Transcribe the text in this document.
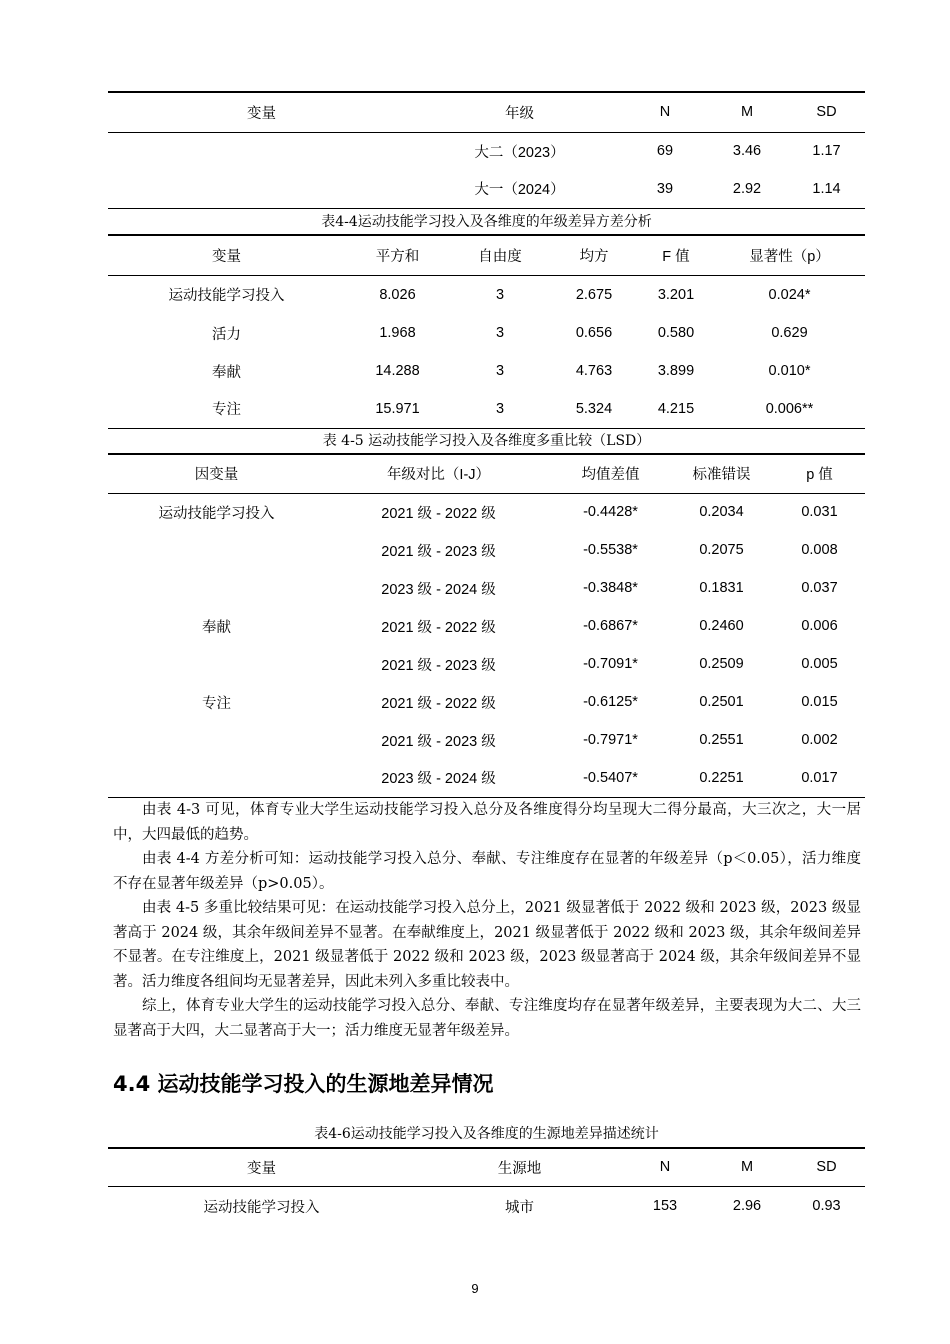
变量	年级	N	M	SD
	大二（2023）	69	3.46	1.17
	大一（2024）	39	2.92	1.14
表4-4运动技能学习投入及各维度的年级差异方差分析
变量	平方和	自由度	均方	F 值	显著性（p）
运动技能学习投入	8.026	3	2.675	3.201	0.024*
活力	1.968	3	0.656	0.580	0.629
奉献	14.288	3	4.763	3.899	0.010*
专注	15.971	3	5.324	4.215	0.006**
表 4-5 运动技能学习投入及各维度多重比较（LSD）
因变量	年级对比（I-J）	均值差值	标准错误	p 值
运动技能学习投入	2021 级 - 2022 级	-0.4428*	0.2034	0.031
	2021 级 - 2023 级	-0.5538*	0.2075	0.008
	2023 级 - 2024 级	-0.3848*	0.1831	0.037
奉献	2021 级 - 2022 级	-0.6867*	0.2460	0.006
	2021 级 - 2023 级	-0.7091*	0.2509	0.005
专注	2021 级 - 2022 级	-0.6125*	0.2501	0.015
	2021 级 - 2023 级	-0.7971*	0.2551	0.002
	2023 级 - 2024 级	-0.5407*	0.2251	0.017

由表 4-3 可见，体育专业大学生运动技能学习投入总分及各维度得分均呈现大二得分最高，大三次之，大一居中，大四最低的趋势。

由表 4-4 方差分析可知：运动技能学习投入总分、奉献、专注维度存在显著的年级差异（p＜0.05），活力维度不存在显著年级差异（p>0.05）。

由表 4-5 多重比较结果可见：在运动技能学习投入总分上，2021 级显著低于 2022 级和 2023 级，2023 级显著高于 2024 级，其余年级间差异不显著。在奉献维度上，2021 级显著低于 2022 级和 2023 级，其余年级间差异不显著。在专注维度上，2021 级显著低于 2022 级和 2023 级，2023 级显著高于 2024 级，其余年级间差异不显著。活力维度各组间均无显著差异，因此未列入多重比较表中。

综上，体育专业大学生的运动技能学习投入总分、奉献、专注维度均存在显著年级差异，主要表现为大二、大三显著高于大四，大二显著高于大一；活力维度无显著年级差异。

4.4 运动技能学习投入的生源地差异情况
表4-6运动技能学习投入及各维度的生源地差异描述统计
变量	生源地	N	M	SD
运动技能学习投入	城市	153	2.96	0.93
9
